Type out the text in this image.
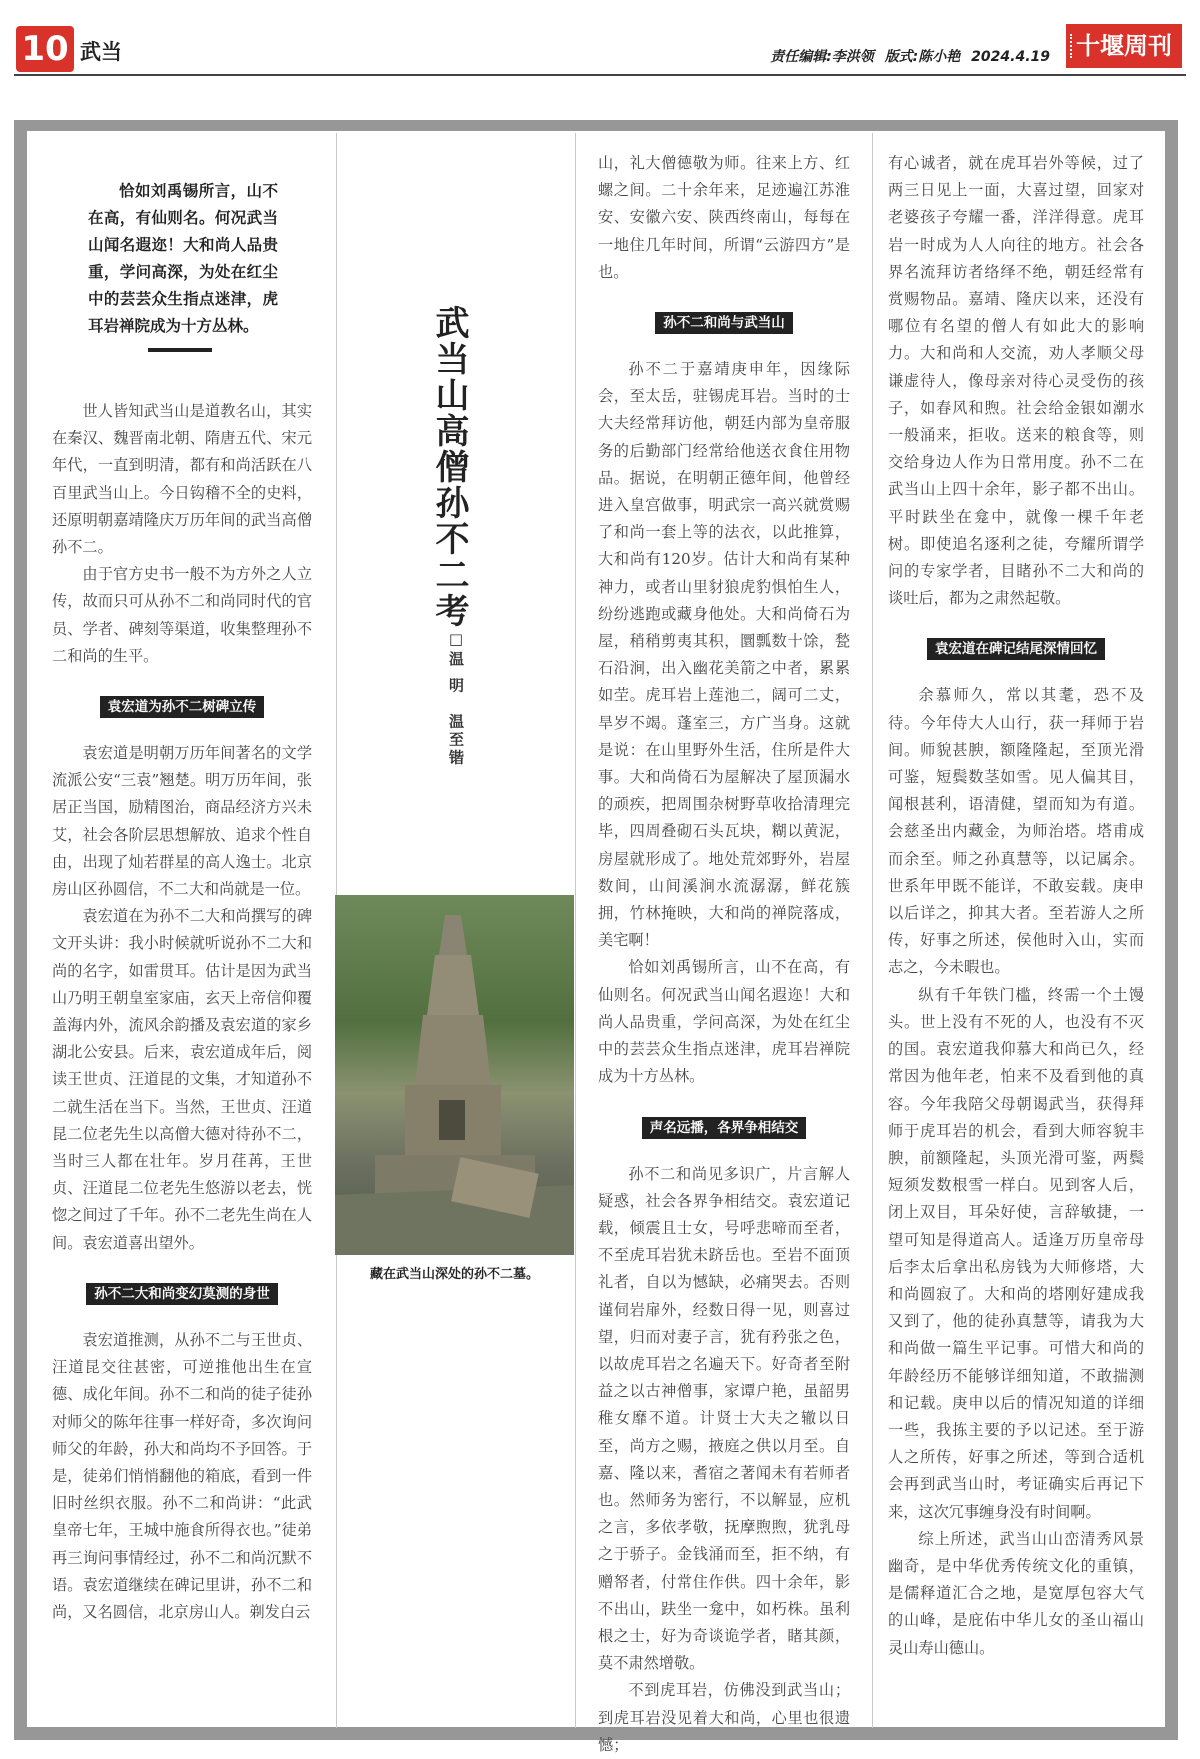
10 武当	责任编辑:李洪领 版式:陈小艳 2024.4.19	十堰周刊

恰如刘禹锡所言，山不在高，有仙则名。何况武当山闻名遐迩！大和尚人品贵重，学问高深，为处在红尘中的芸芸众生指点迷津，虎耳岩禅院成为十方丛林。

世人皆知武当山是道教名山，其实在秦汉、魏晋南北朝、隋唐五代、宋元年代，一直到明清，都有和尚活跃在八百里武当山上。今日钩稽不全的史料，还原明朝嘉靖隆庆万历年间的武当高僧孙不二。

由于官方史书一般不为方外之人立传，故而只可从孙不二和尚同时代的官员、学者、碑刻等渠道，收集整理孙不二和尚的生平。

袁宏道为孙不二树碑立传

袁宏道是明朝万历年间著名的文学流派公安“三袁”翘楚。明万历年间，张居正当国，励精图治，商品经济方兴未艾，社会各阶层思想解放、追求个性自由，出现了灿若群星的高人逸士。北京房山区孙圆信，不二大和尚就是一位。

袁宏道在为孙不二大和尚撰写的碑文开头讲：我小时候就听说孙不二大和尚的名字，如雷贯耳。估计是因为武当山乃明王朝皇室家庙，玄天上帝信仰覆盖海内外，流风余韵播及袁宏道的家乡湖北公安县。后来，袁宏道成年后，阅读王世贞、汪道昆的文集，才知道孙不二就生活在当下。当然，王世贞、汪道昆二位老先生以高僧大德对待孙不二，当时三人都在壮年。岁月荏苒，王世贞、汪道昆二位老先生悠游以老去，恍惚之间过了千年。孙不二老先生尚在人间。袁宏道喜出望外。

孙不二大和尚变幻莫测的身世

袁宏道推测，从孙不二与王世贞、汪道昆交往甚密，可逆推他出生在宣德、成化年间。孙不二和尚的徒子徒孙对师父的陈年往事一样好奇，多次询问师父的年龄，孙大和尚均不予回答。于是，徒弟们悄悄翻他的箱底，看到一件旧时丝织衣服。孙不二和尚讲：“此武皇帝七年，王城中施食所得衣也。”徒弟再三询问事情经过，孙不二和尚沉默不语。袁宏道继续在碑记里讲，孙不二和尚，又名圆信，北京房山人。剃发白云

武当山高僧孙不二考
□温 明　温至锴
藏在武当山深处的孙不二墓。

山，礼大僧德敬为师。往来上方、红螺之间。二十余年来，足迹遍江苏淮安、安徽六安、陕西终南山，每每在一地住几年时间，所谓“云游四方”是也。

孙不二和尚与武当山

孙不二于嘉靖庚申年，因缘际会，至太岳，驻锡虎耳岩。当时的士大夫经常拜访他，朝廷内部为皇帝服务的后勤部门经常给他送衣食住用物品。据说，在明朝正德年间，他曾经进入皇宫做事，明武宗一高兴就赏赐了和尚一套上等的法衣，以此推算，大和尚有120岁。估计大和尚有某种神力，或者山里豺狼虎豹惧怕生人，纷纷逃跑或藏身他处。大和尚倚石为屋，稍稍剪夷其积，圜瓢数十馀，甃石沿涧，出入幽花美箭之中者，累累如茔。虎耳岩上莲池二，阔可二丈，旱岁不竭。蓬室三，方广当身。这就是说：在山里野外生活，住所是件大事。大和尚倚石为屋解决了屋顶漏水的顽疾，把周围杂树野草收拾清理完毕，四周叠砌石头瓦块，糊以黄泥，房屋就形成了。地处荒郊野外，岩屋数间，山间溪涧水流潺潺，鲜花簇拥，竹林掩映，大和尚的禅院落成，美宅啊！

恰如刘禹锡所言，山不在高，有仙则名。何况武当山闻名遐迩！大和尚人品贵重，学问高深，为处在红尘中的芸芸众生指点迷津，虎耳岩禅院成为十方丛林。

声名远播，各界争相结交

孙不二和尚见多识广，片言解人疑惑，社会各界争相结交。袁宏道记载，倾震且士女，号呼悲啼而至者，不至虎耳岩犹未跻岳也。至岩不面顶礼者，自以为憾缺，必痛哭去。否则谨伺岩扉外，经数日得一见，则喜过望，归而对妻子言，犹有矜张之色，以故虎耳岩之名遍天下。好奇者至附益之以古神僧事，家谭户艳，虽韶男稚女靡不道。计贤士大夫之辙以日至，尚方之赐，掖庭之供以月至。自嘉、隆以来，耆宿之著闻未有若师者也。然师务为密行，不以解显，应机之言，多依孝敬，抚摩煦煦，犹乳母之于骄子。金钱涌而至，拒不纳，有赠帑者，付常住作供。四十余年，影不出山，趺坐一龛中，如朽株。虽利根之士，好为奇谈诡学者，睹其颜，莫不肃然增敬。

不到虎耳岩，仿佛没到武当山；到虎耳岩没见着大和尚，心里也很遗憾；

有心诚者，就在虎耳岩外等候，过了两三日见上一面，大喜过望，回家对老婆孩子夸耀一番，洋洋得意。虎耳岩一时成为人人向往的地方。社会各界名流拜访者络绎不绝，朝廷经常有赏赐物品。嘉靖、隆庆以来，还没有哪位有名望的僧人有如此大的影响力。大和尚和人交流，劝人孝顺父母谦虚待人，像母亲对待心灵受伤的孩子，如春风和煦。社会给金银如潮水一般涌来，拒收。送来的粮食等，则交给身边人作为日常用度。孙不二在武当山上四十余年，影子都不出山。平时趺坐在龛中，就像一棵千年老树。即使追名逐利之徒，夸耀所谓学问的专家学者，目睹孙不二大和尚的谈吐后，都为之肃然起敬。

袁宏道在碑记结尾深情回忆

余慕师久，常以其耄，恐不及待。今年侍大人山行，获一拜师于岩间。师貌甚腴，额隆隆起，至顶光滑可鉴，短鬓数茎如雪。见人偏其目，闻根甚利，语清健，望而知为有道。会慈圣出内藏金，为师治塔。塔甫成而余至。师之孙真慧等，以记属余。世系年甲既不能详，不敢妄载。庚申以后详之，抑其大者。至若游人之所传，好事之所述，侯他时入山，实而志之，今未暇也。

纵有千年铁门槛，终需一个土馒头。世上没有不死的人，也没有不灭的国。袁宏道我仰慕大和尚已久，经常因为他年老，怕来不及看到他的真容。今年我陪父母朝谒武当，获得拜师于虎耳岩的机会，看到大师容貌丰腴，前额隆起，头顶光滑可鉴，两鬓短须发数根雪一样白。见到客人后，闭上双目，耳朵好使，言辞敏捷，一望可知是得道高人。适逢万历皇帝母后李太后拿出私房钱为大师修塔，大和尚圆寂了。大和尚的塔刚好建成我又到了，他的徒孙真慧等，请我为大和尚做一篇生平记事。可惜大和尚的年龄经历不能够详细知道，不敢揣测和记载。庚申以后的情况知道的详细一些，我拣主要的予以记述。至于游人之所传，好事之所述，等到合适机会再到武当山时，考证确实后再记下来，这次冗事缠身没有时间啊。

综上所述，武当山山峦清秀风景幽奇，是中华优秀传统文化的重镇，是儒释道汇合之地，是宽厚包容大气的山峰，是庇佑中华儿女的圣山福山灵山寿山德山。
